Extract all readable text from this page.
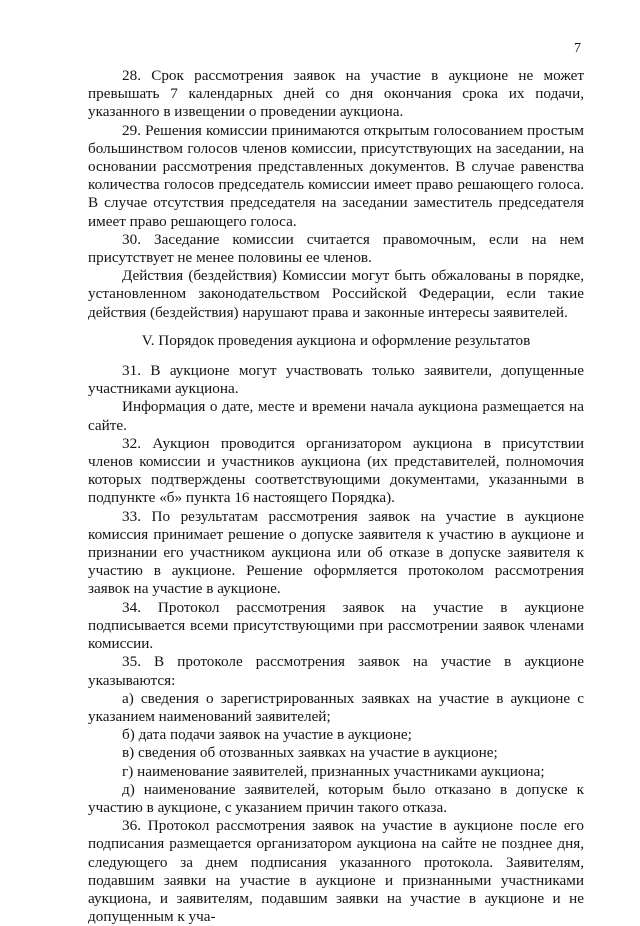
7

28. Срок рассмотрения заявок на участие в аукционе не может превышать 7 календарных дней со дня окончания срока их подачи, указанного в извещении о проведении аукциона.

29. Решения комиссии принимаются открытым голосованием простым большинством голосов членов комиссии, присутствующих на заседании, на основании рассмотрения представленных документов. В случае равенства количества голосов председатель комиссии имеет право решающего голоса. В случае отсутствия председателя на заседании заместитель председателя имеет право решающего голоса.

30. Заседание комиссии считается правомочным, если на нем присутствует не менее половины ее членов.

Действия (бездействия) Комиссии могут быть обжалованы в порядке, установленном законодательством Российской Федерации, если такие действия (бездействия) нарушают права и законные интересы заявителей.

V. Порядок проведения аукциона и оформление результатов

31. В аукционе могут участвовать только заявители, допущенные участниками аукциона.

Информация о дате, месте и времени начала аукциона размещается на сайте.

32. Аукцион проводится организатором аукциона в присутствии членов комиссии и участников аукциона (их представителей, полномочия которых подтверждены соответствующими документами, указанными в подпункте «б» пункта 16 настоящего Порядка).

33. По результатам рассмотрения заявок на участие в аукционе комиссия принимает решение о допуске заявителя к участию в аукционе и признании его участником аукциона или об отказе в допуске заявителя к участию в аукционе. Решение оформляется протоколом рассмотрения заявок на участие в аукционе.

34. Протокол рассмотрения заявок на участие в аукционе подписывается всеми присутствующими при рассмотрении заявок членами комиссии.

35. В протоколе рассмотрения заявок на участие в аукционе указываются:

а) сведения о зарегистрированных заявках на участие в аукционе с указанием наименований заявителей;

б) дата подачи заявок на участие в аукционе;

в) сведения об отозванных заявках на участие в аукционе;

г) наименование заявителей, признанных участниками аукциона;

д) наименование заявителей, которым было отказано в допуске к участию в аукционе, с указанием причин такого отказа.

36. Протокол рассмотрения заявок на участие в аукционе после его подписания размещается организатором аукциона на сайте не позднее дня, следующего за днем подписания указанного протокола. Заявителям, подавшим заявки на участие в аукционе и признанными участниками аукциона, и заявителям, подавшим заявки на участие в аукционе и не допущенным к уча-
